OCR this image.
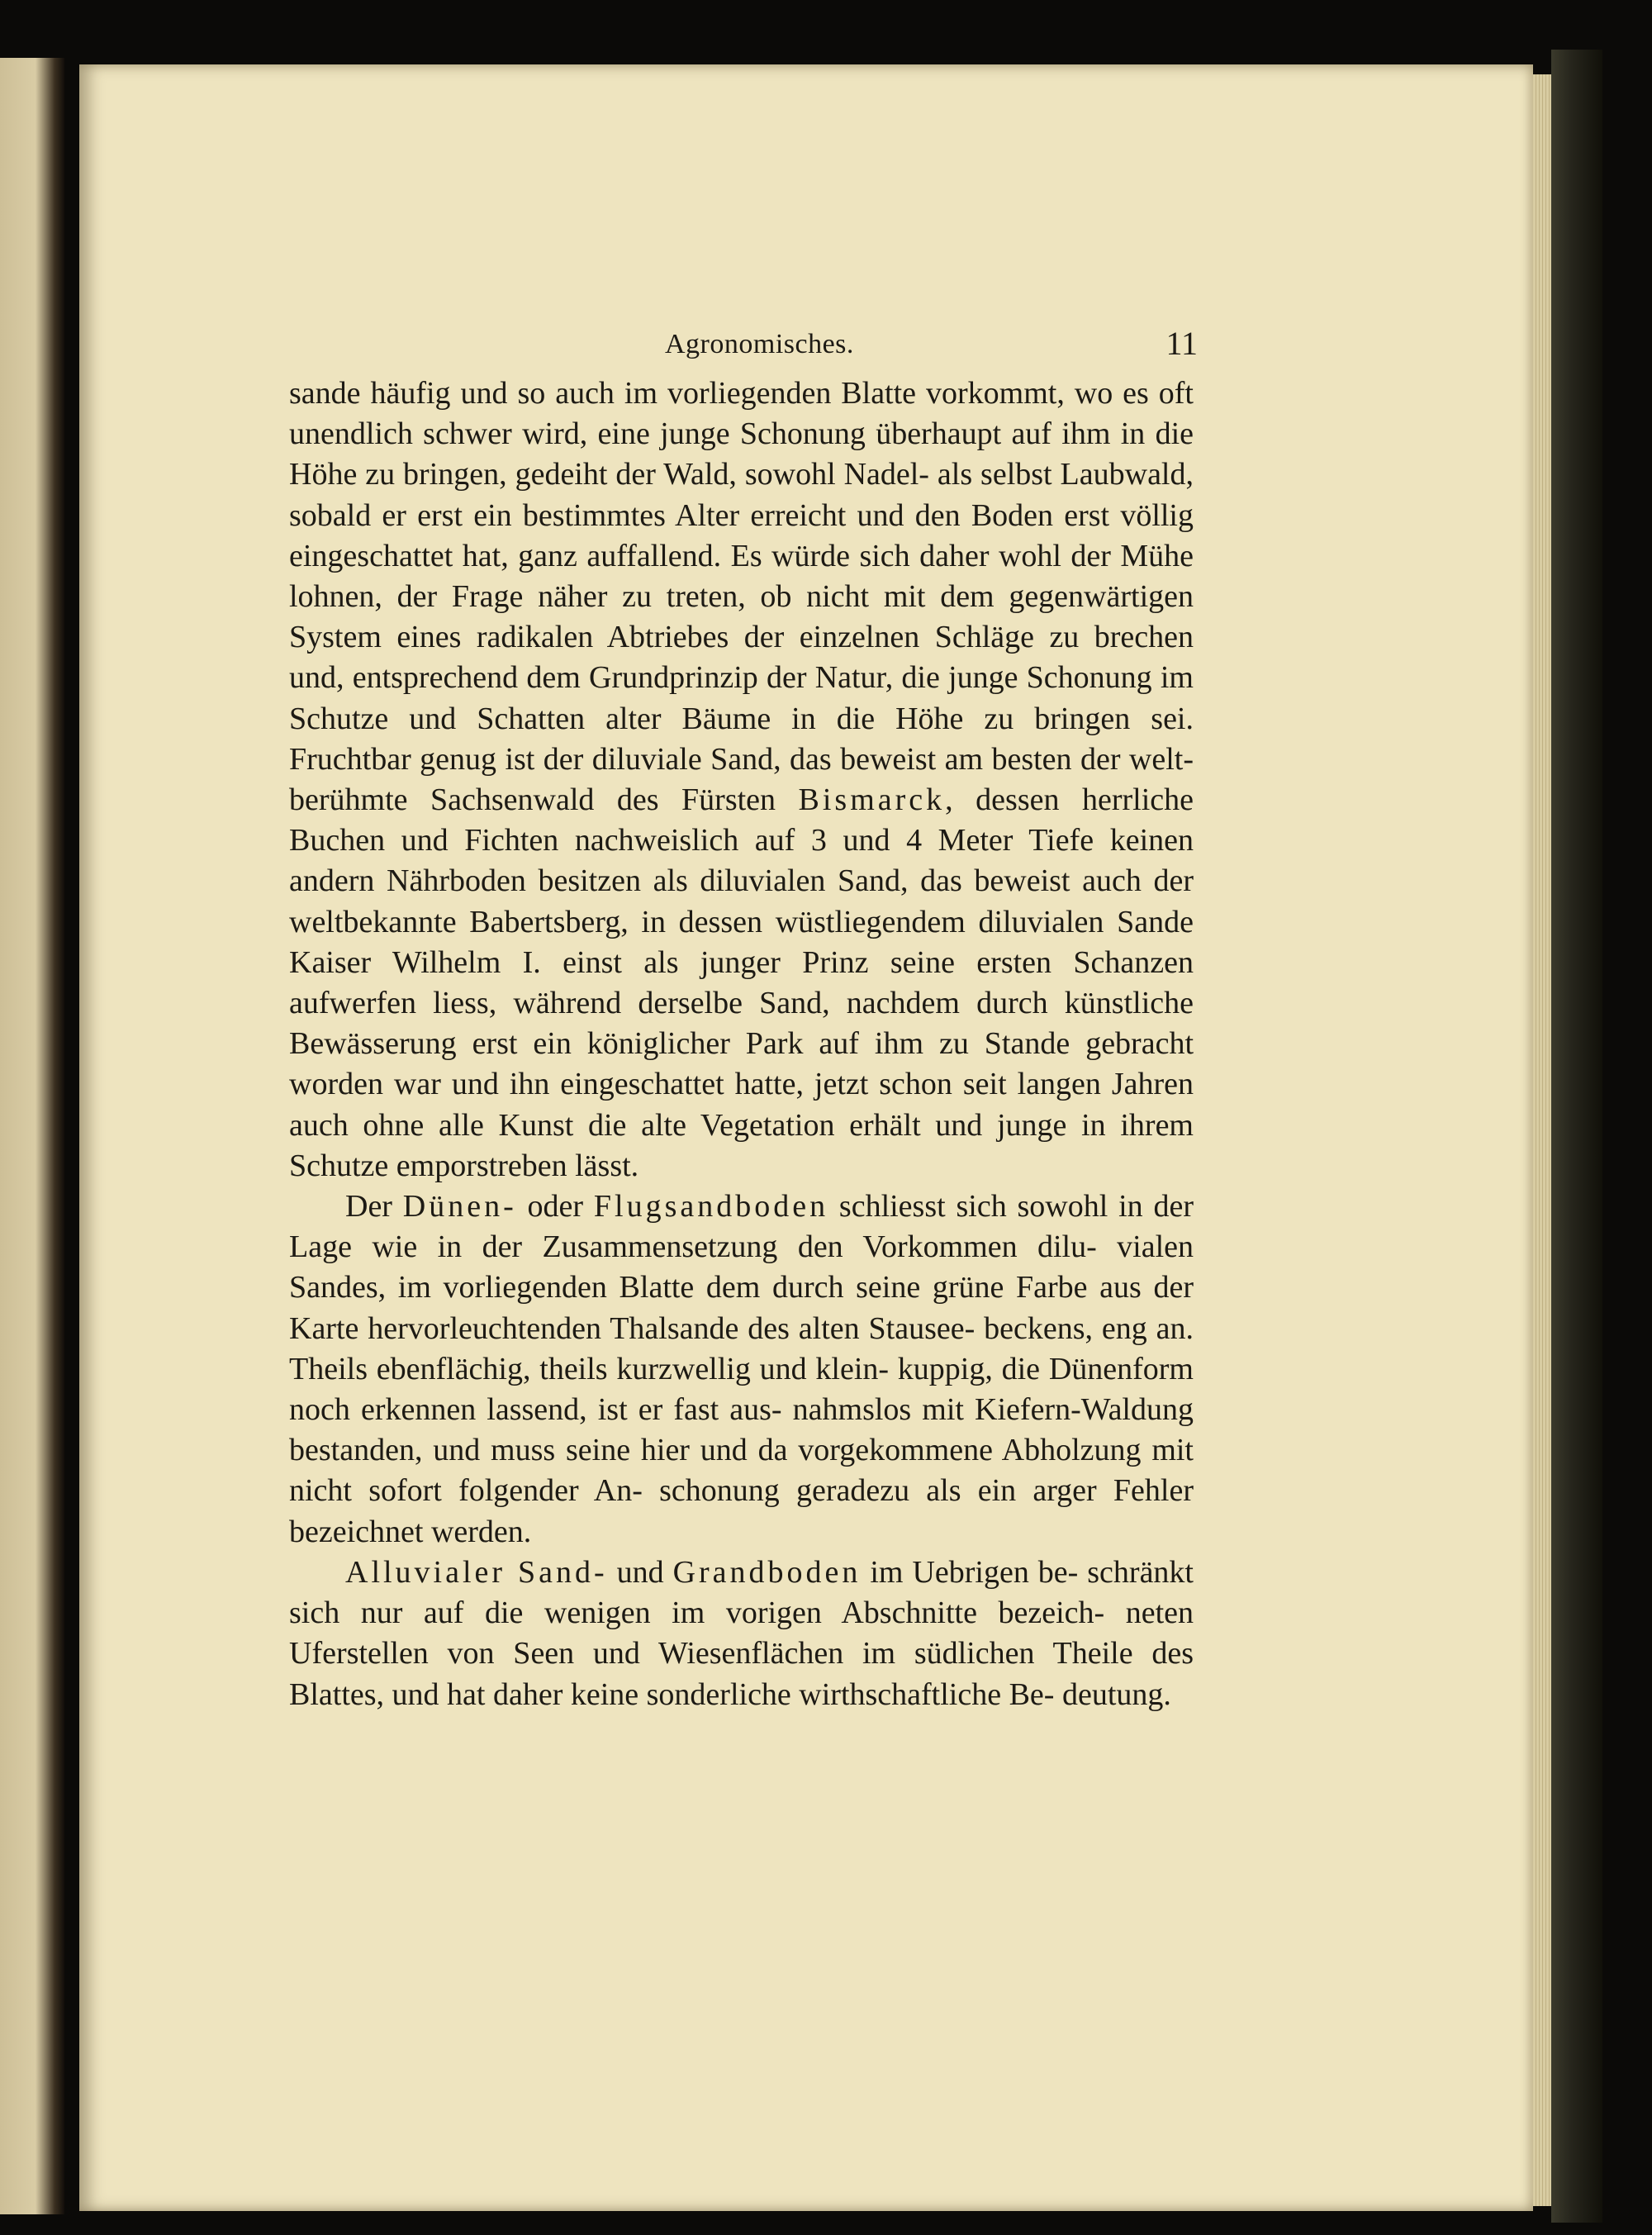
Agronomisches.	11

sande häufig und so auch im vorliegenden Blatte vorkommt, wo es oft unendlich schwer wird, eine junge Schonung überhaupt auf ihm in die Höhe zu bringen, gedeiht der Wald, sowohl Nadel- als selbst Laubwald, sobald er erst ein bestimmtes Alter erreicht und den Boden erst völlig eingeschattet hat, ganz auffallend. Es würde sich daher wohl der Mühe lohnen, der Frage näher zu treten, ob nicht mit dem gegenwärtigen System eines radikalen Abtriebes der einzelnen Schläge zu brechen und, entsprechend dem Grundprinzip der Natur, die junge Schonung im Schutze und Schatten alter Bäume in die Höhe zu bringen sei. Fruchtbar genug ist der diluviale Sand, das beweist am besten der welt- berühmte Sachsenwald des Fürsten Bismarck, dessen herrliche Buchen und Fichten nachweislich auf 3 und 4 Meter Tiefe keinen andern Nährboden besitzen als diluvialen Sand, das beweist auch der weltbekannte Babertsberg, in dessen wüstliegendem diluvialen Sande Kaiser Wilhelm I. einst als junger Prinz seine ersten Schanzen aufwerfen liess, während derselbe Sand, nachdem durch künstliche Bewässerung erst ein königlicher Park auf ihm zu Stande gebracht worden war und ihn eingeschattet hatte, jetzt schon seit langen Jahren auch ohne alle Kunst die alte Vegetation erhält und junge in ihrem Schutze emporstreben lässt.

Der Dünen- oder Flugsandboden schliesst sich sowohl in der Lage wie in der Zusammensetzung den Vorkommen dilu- vialen Sandes, im vorliegenden Blatte dem durch seine grüne Farbe aus der Karte hervorleuchtenden Thalsande des alten Stausee- beckens, eng an. Theils ebenflächig, theils kurzwellig und klein- kuppig, die Dünenform noch erkennen lassend, ist er fast aus- nahmslos mit Kiefern-Waldung bestanden, und muss seine hier und da vorgekommene Abholzung mit nicht sofort folgender An- schonung geradezu als ein arger Fehler bezeichnet werden.

Alluvialer Sand- und Grandboden im Uebrigen be- schränkt sich nur auf die wenigen im vorigen Abschnitte bezeich- neten Uferstellen von Seen und Wiesenflächen im südlichen Theile des Blattes, und hat daher keine sonderliche wirthschaftliche Be- deutung.
